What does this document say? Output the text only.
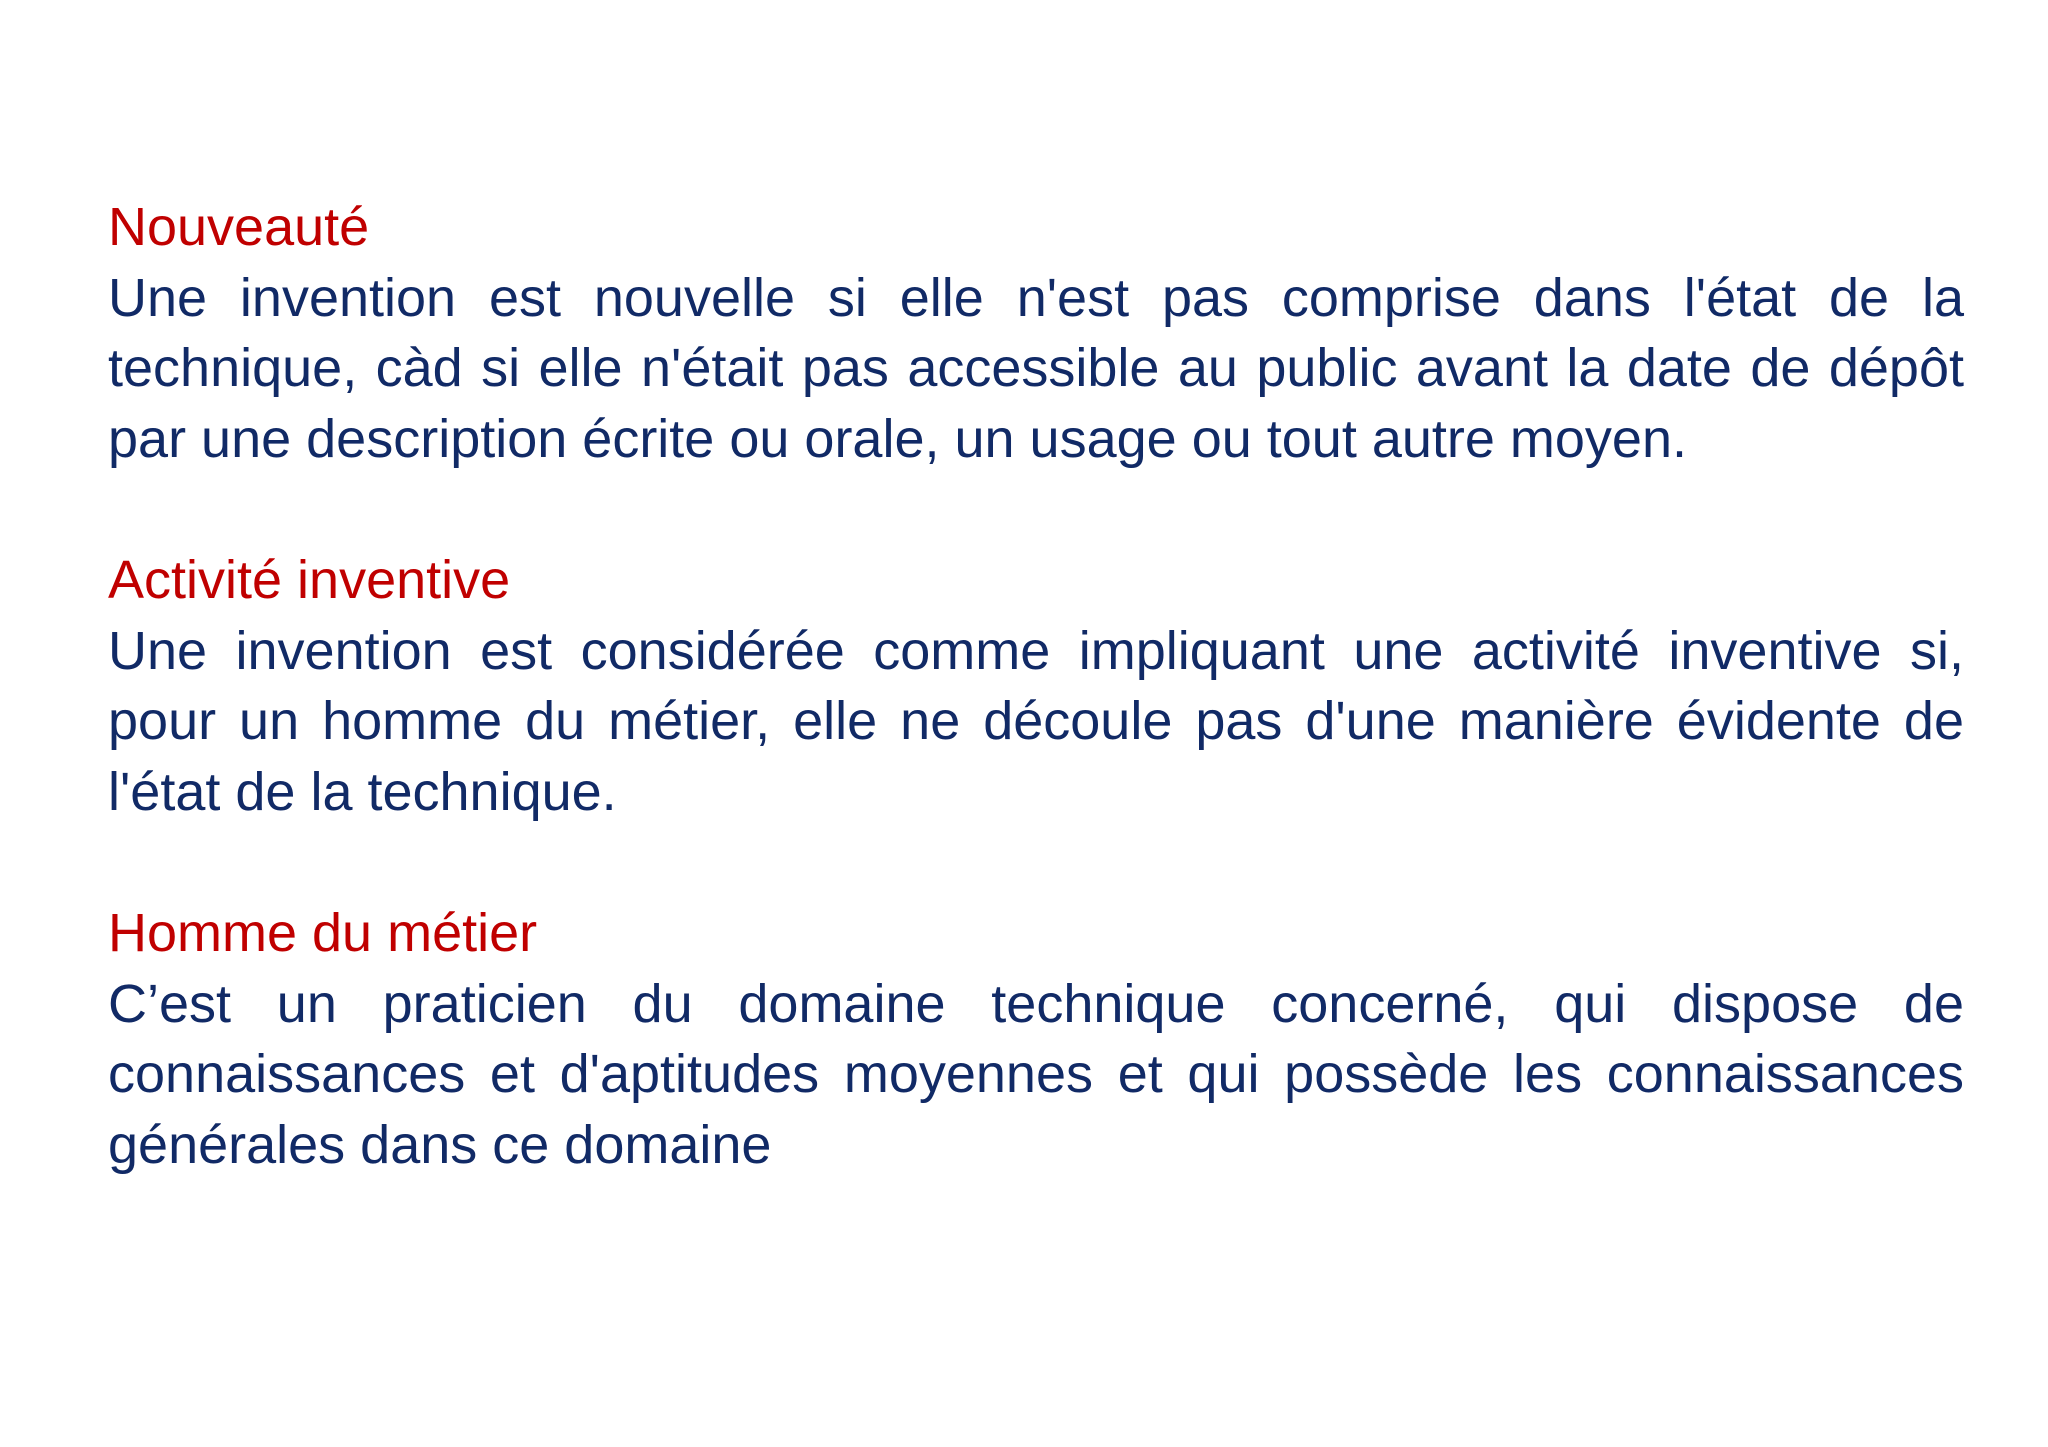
Nouveauté

Une invention est nouvelle si elle n'est pas comprise dans l'état de la technique, càd si elle n'était pas accessible au public avant la date de dépôt par une description écrite ou orale, un usage ou tout autre moyen.

Activité inventive

Une invention est considérée comme impliquant une activité inventive si, pour un homme du métier, elle ne découle pas d'une manière évidente de l'état de la technique.

Homme du métier

C’est un praticien du domaine technique concerné, qui dispose de connaissances et d'aptitudes moyennes et qui possède les connaissances générales dans ce domaine
